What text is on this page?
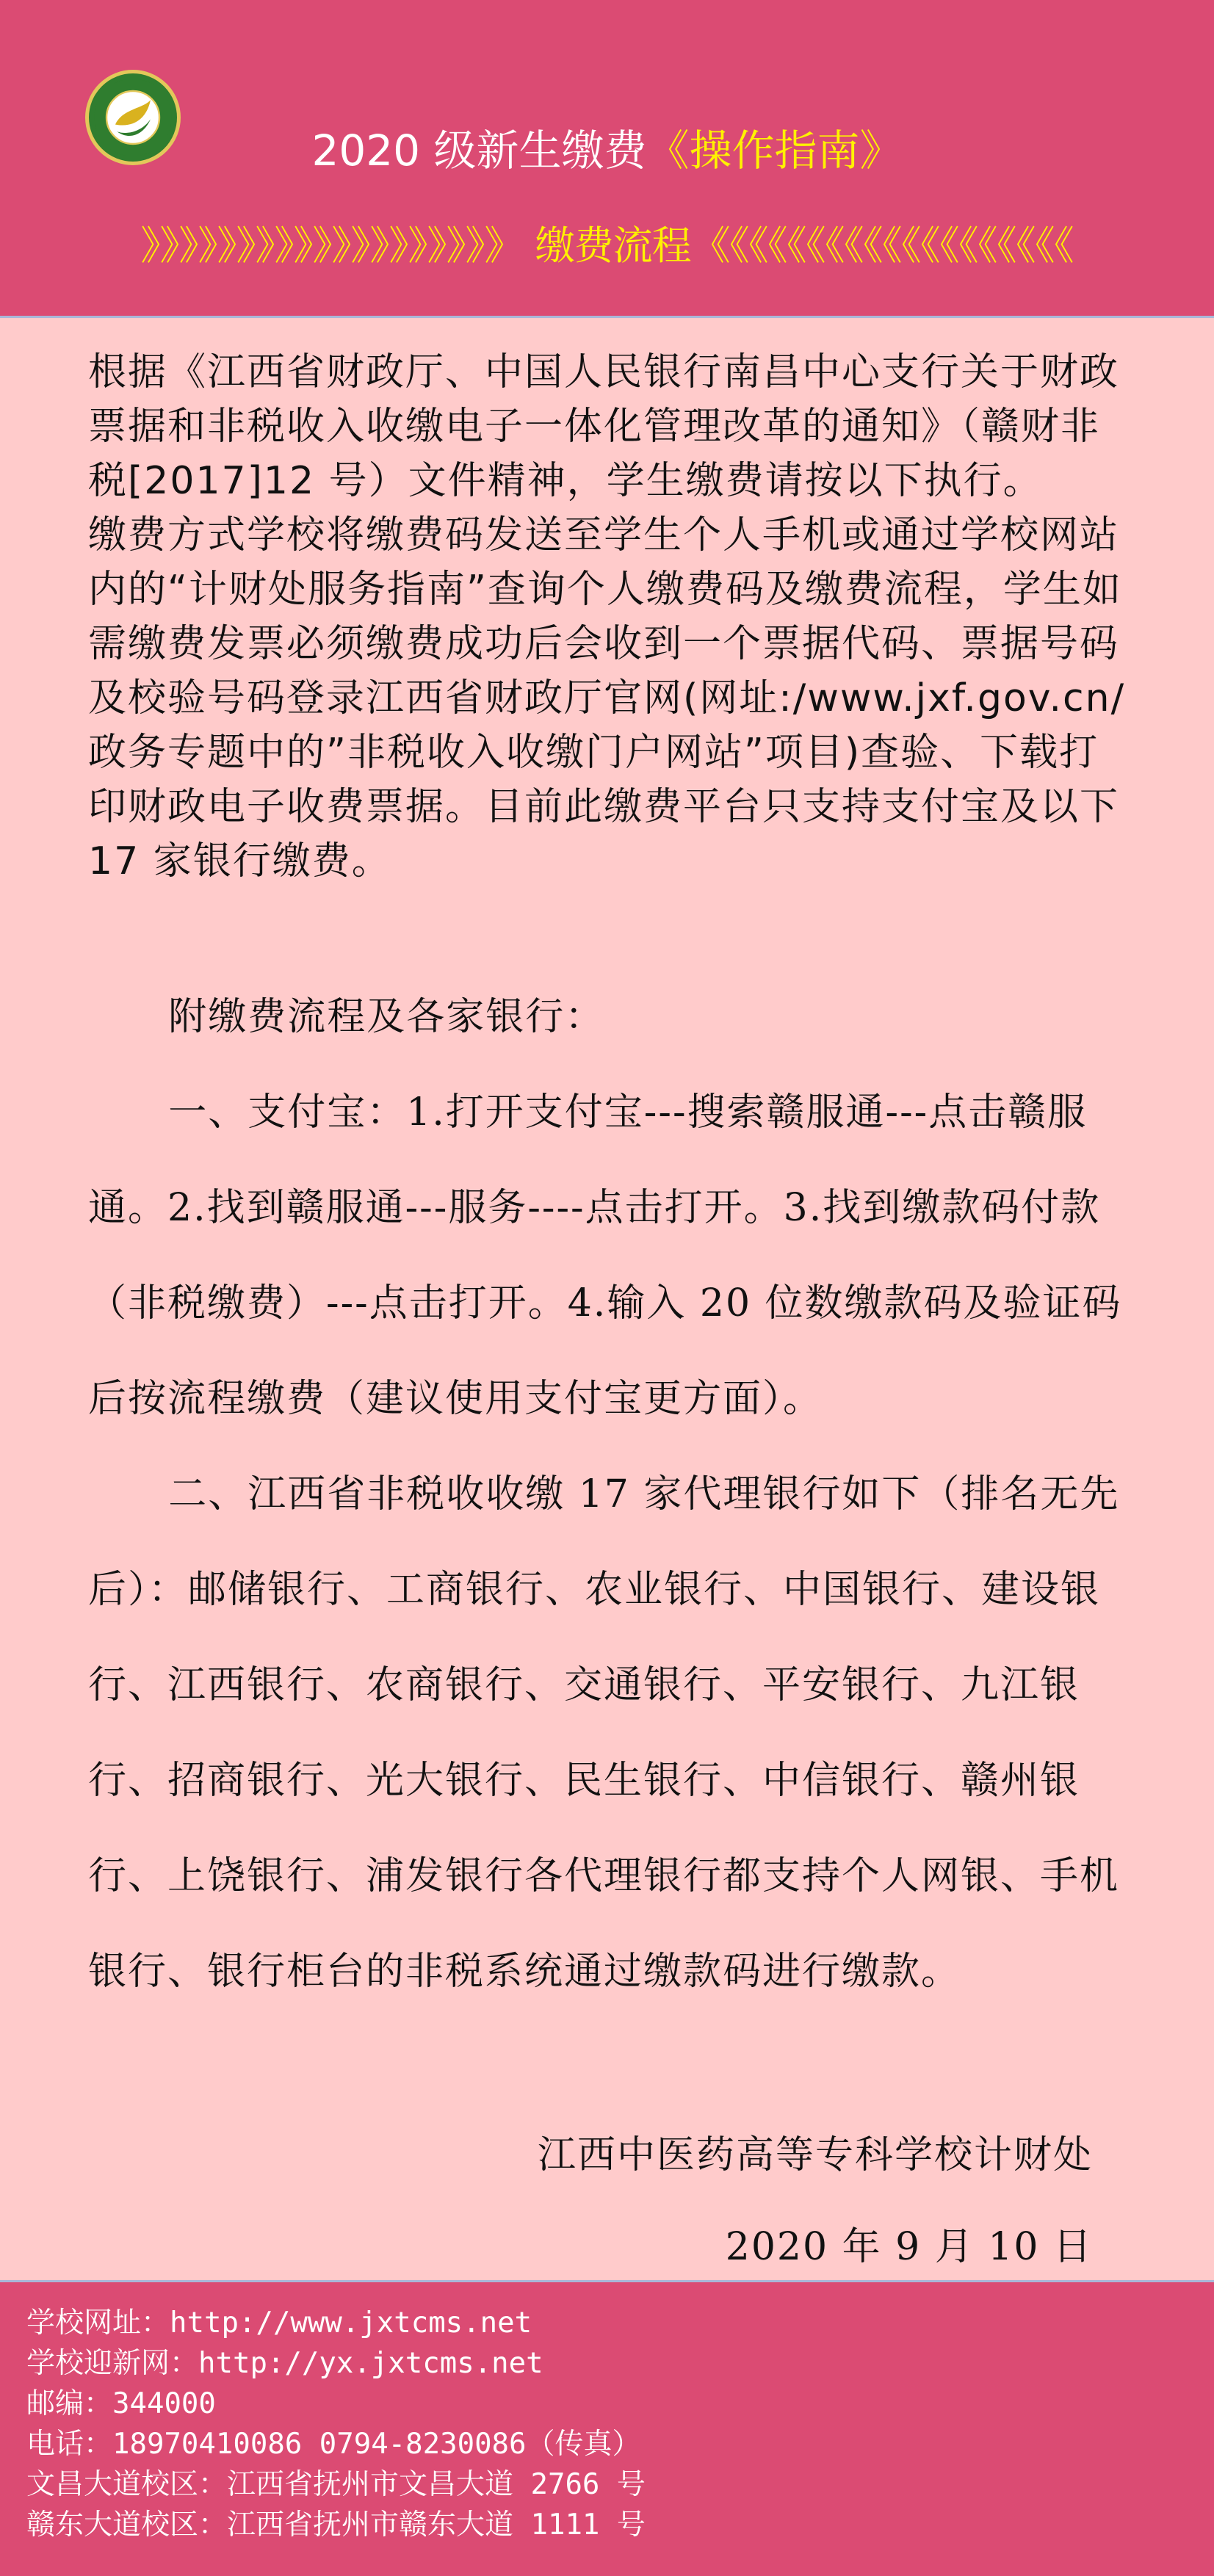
2020 级新生缴费《操作指南》
》》》》》》》》》》》》》》》》》》》 缴费流程《《《《《《《《《《《《《《《《《《《

根据《江西省财政厅、中国人民银行南昌中心支行关于财政票据和非税收入收缴电子一体化管理改革的通知》（赣财非税[2017]12 号）文件精神，学生缴费请按以下执行。

缴费方式学校将缴费码发送至学生个人手机或通过学校网站内的“计财处服务指南”查询个人缴费码及缴费流程，学生如需缴费发票必须缴费成功后会收到一个票据代码、票据号码及校验号码登录江西省财政厅官网(网址:/www.jxf.gov.cn/政务专题中的”非税收入收缴门户网站”项目)查验、下载打印财政电子收费票据。目前此缴费平台只支持支付宝及以下 17 家银行缴费。

附缴费流程及各家银行：

一、支付宝：1.打开支付宝---搜索赣服通---点击赣服通。2.找到赣服通---服务----点击打开。3.找到缴款码付款（非税缴费）---点击打开。4.输入 20 位数缴款码及验证码后按流程缴费（建议使用支付宝更方面）。

二、江西省非税收收缴 17 家代理银行如下（排名无先后）：邮储银行、工商银行、农业银行、中国银行、建设银行、江西银行、农商银行、交通银行、平安银行、九江银行、招商银行、光大银行、民生银行、中信银行、赣州银行、上饶银行、浦发银行各代理银行都支持个人网银、手机银行、银行柜台的非税系统通过缴款码进行缴款。

江西中医药高等专科学校计财处
2020 年 9 月 10 日
学校网址：http://www.jxtcms.net
学校迎新网：http://yx.jxtcms.net
邮编：344000
电话：18970410086 0794-8230086（传真）
文昌大道校区：江西省抚州市文昌大道 2766 号
赣东大道校区：江西省抚州市赣东大道 1111 号
